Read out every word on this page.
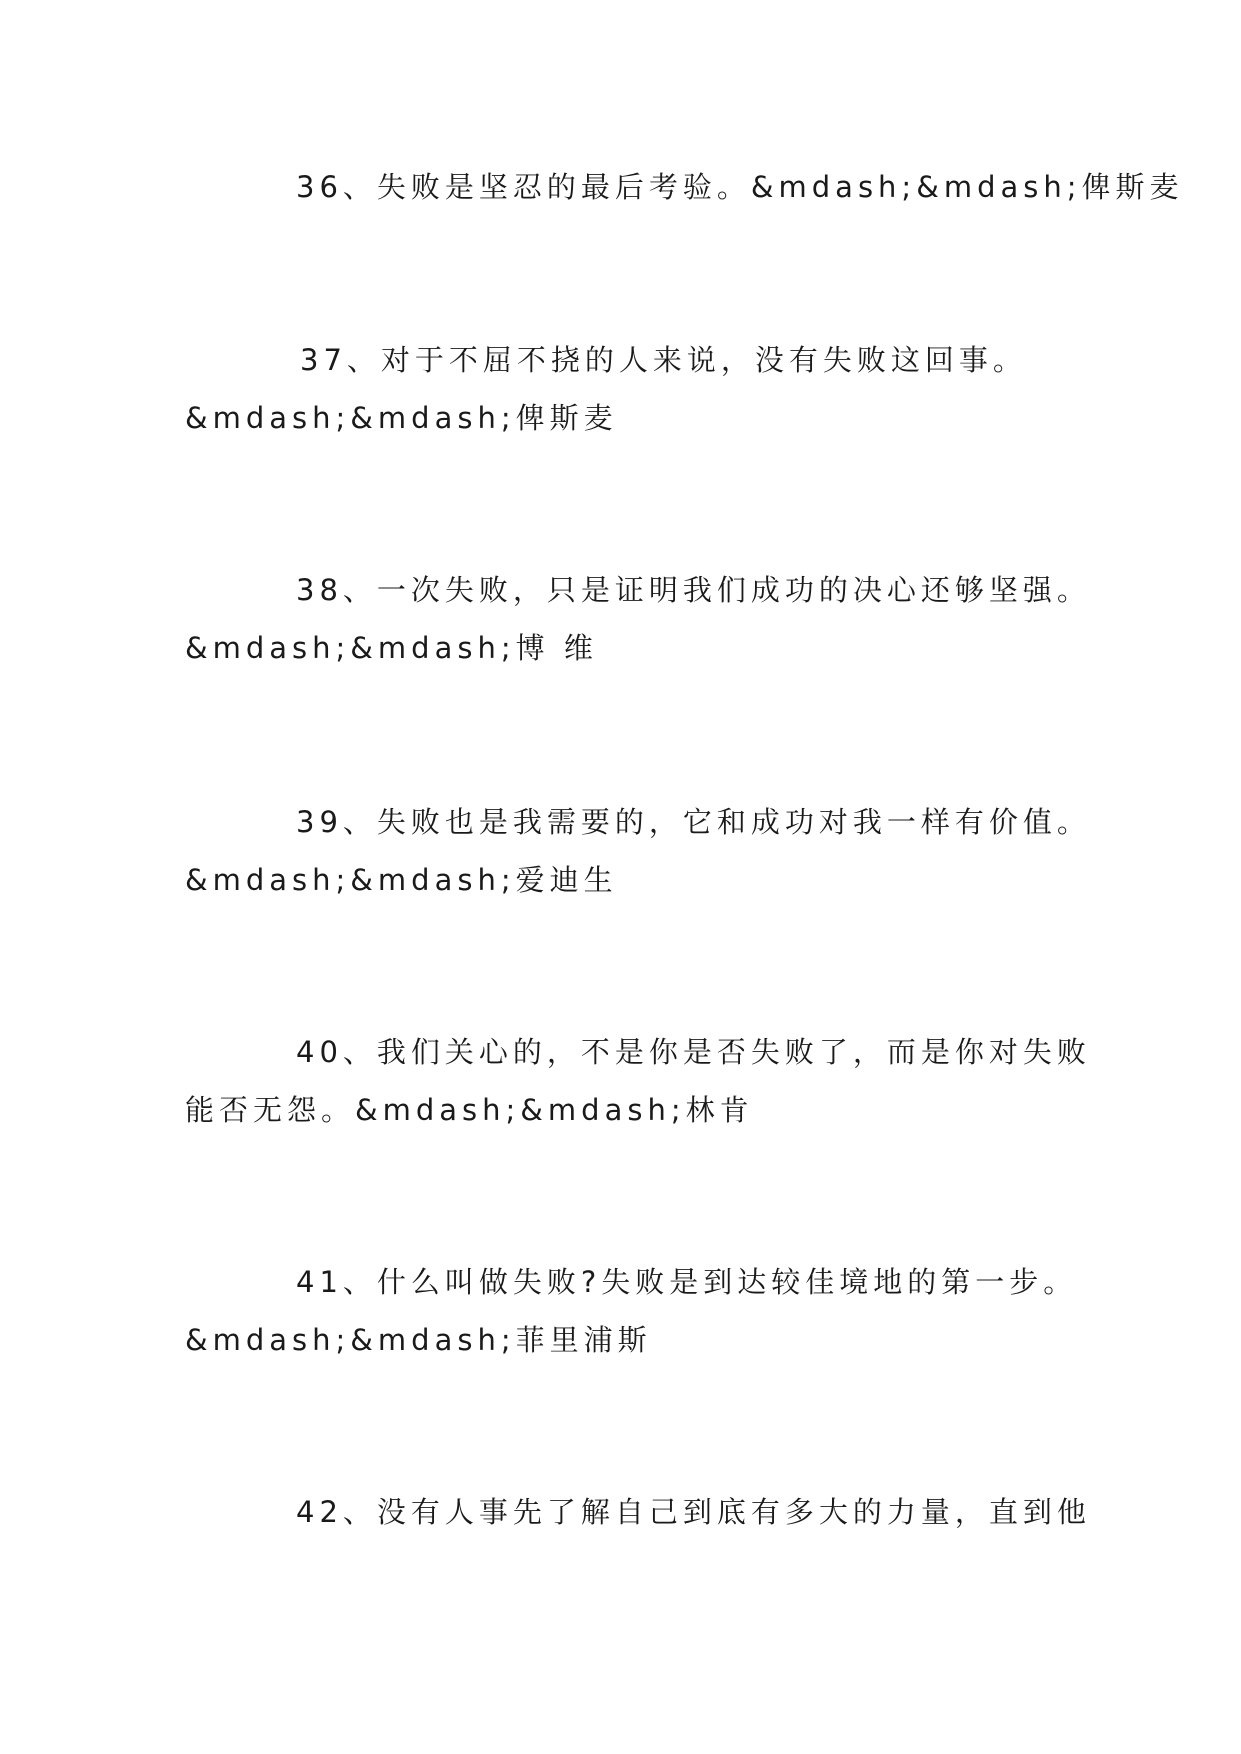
36、失败是坚忍的最后考验。&mdash;&mdash;俾斯麦
37、对于不屈不挠的人来说，没有失败这回事。
&mdash;&mdash;俾斯麦
38、一次失败，只是证明我们成功的决心还够坚强。
&mdash;&mdash;博 维
39、失败也是我需要的，它和成功对我一样有价值。
&mdash;&mdash;爱迪生
40、我们关心的，不是你是否失败了，而是你对失败
能否无怨。&mdash;&mdash;林肯
41、什么叫做失败?失败是到达较佳境地的第一步。
&mdash;&mdash;菲里浦斯
42、没有人事先了解自己到底有多大的力量，直到他
